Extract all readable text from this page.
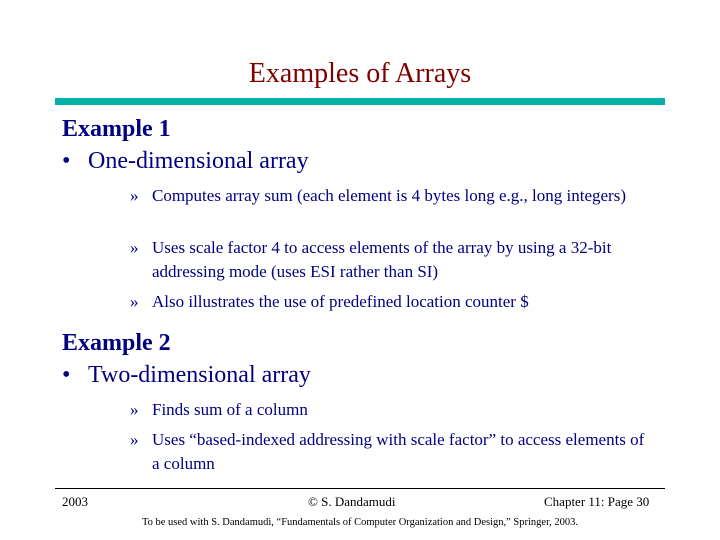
Examples of Arrays
Example 1
• One-dimensional array
» Computes array sum (each element is 4 bytes long e.g., long integers)
» Uses scale factor 4 to access elements of the array by using a 32-bit addressing mode (uses ESI rather than SI)
» Also illustrates the use of predefined location counter $
Example 2
• Two-dimensional array
» Finds sum of a column
» Uses “based-indexed addressing with scale factor” to access elements of a column
2003	© S. Dandamudi	Chapter 11: Page 30
To be used with S. Dandamudi, “Fundamentals of Computer Organization and Design,” Springer, 2003.
